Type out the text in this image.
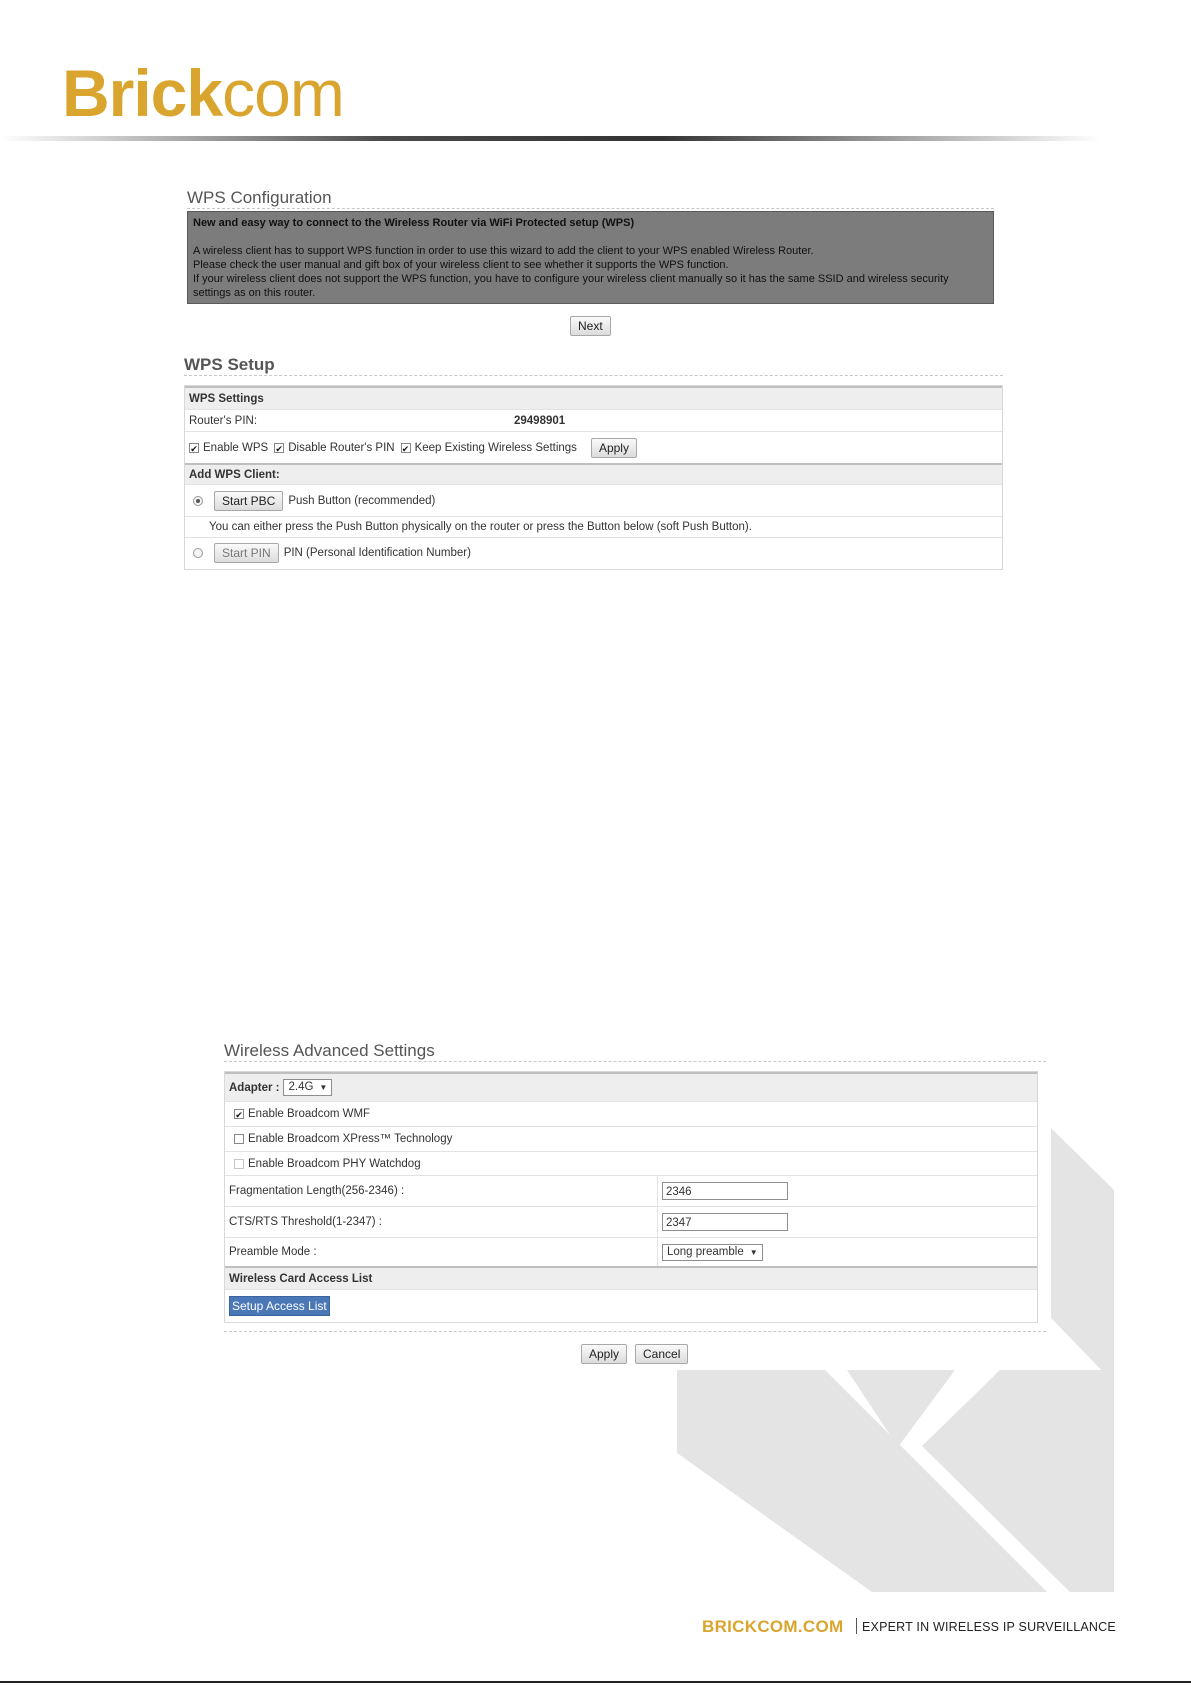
Brickcom
WPS Configuration
New and easy way to connect to the Wireless Router via WiFi Protected setup (WPS)
A wireless client has to support WPS function in order to use this wizard to add the client to your WPS enabled Wireless Router.
Please check the user manual and gift box of your wireless client to see whether it supports the WPS function.
If your wireless client does not support the WPS function, you have to configure your wireless client manually so it has the same SSID and wireless security settings as on this router.
Next
WPS Setup
WPS Settings
Router's PIN:	29498901
✔ Enable WPS ✔ Disable Router's PIN ✔ Keep Existing Wireless Settings	Apply
Add WPS Client:
Start PBC	Push Button (recommended)
You can either press the Push Button physically on the router or press the Button below (soft Push Button).
Start PIN	PIN (Personal Identification Number)
Wireless Advanced Settings
Adapter : 2.4G ▼
✔ Enable Broadcom WMF
Enable Broadcom XPress™ Technology
Enable Broadcom PHY Watchdog
Fragmentation Length(256-2346) :	2346
CTS/RTS Threshold(1-2347) :	2347
Preamble Mode :	Long preamble ▼
Wireless Card Access List
Setup Access List
Apply	Cancel
BRICKCOM.COM EXPERT IN WIRELESS IP SURVEILLANCE
